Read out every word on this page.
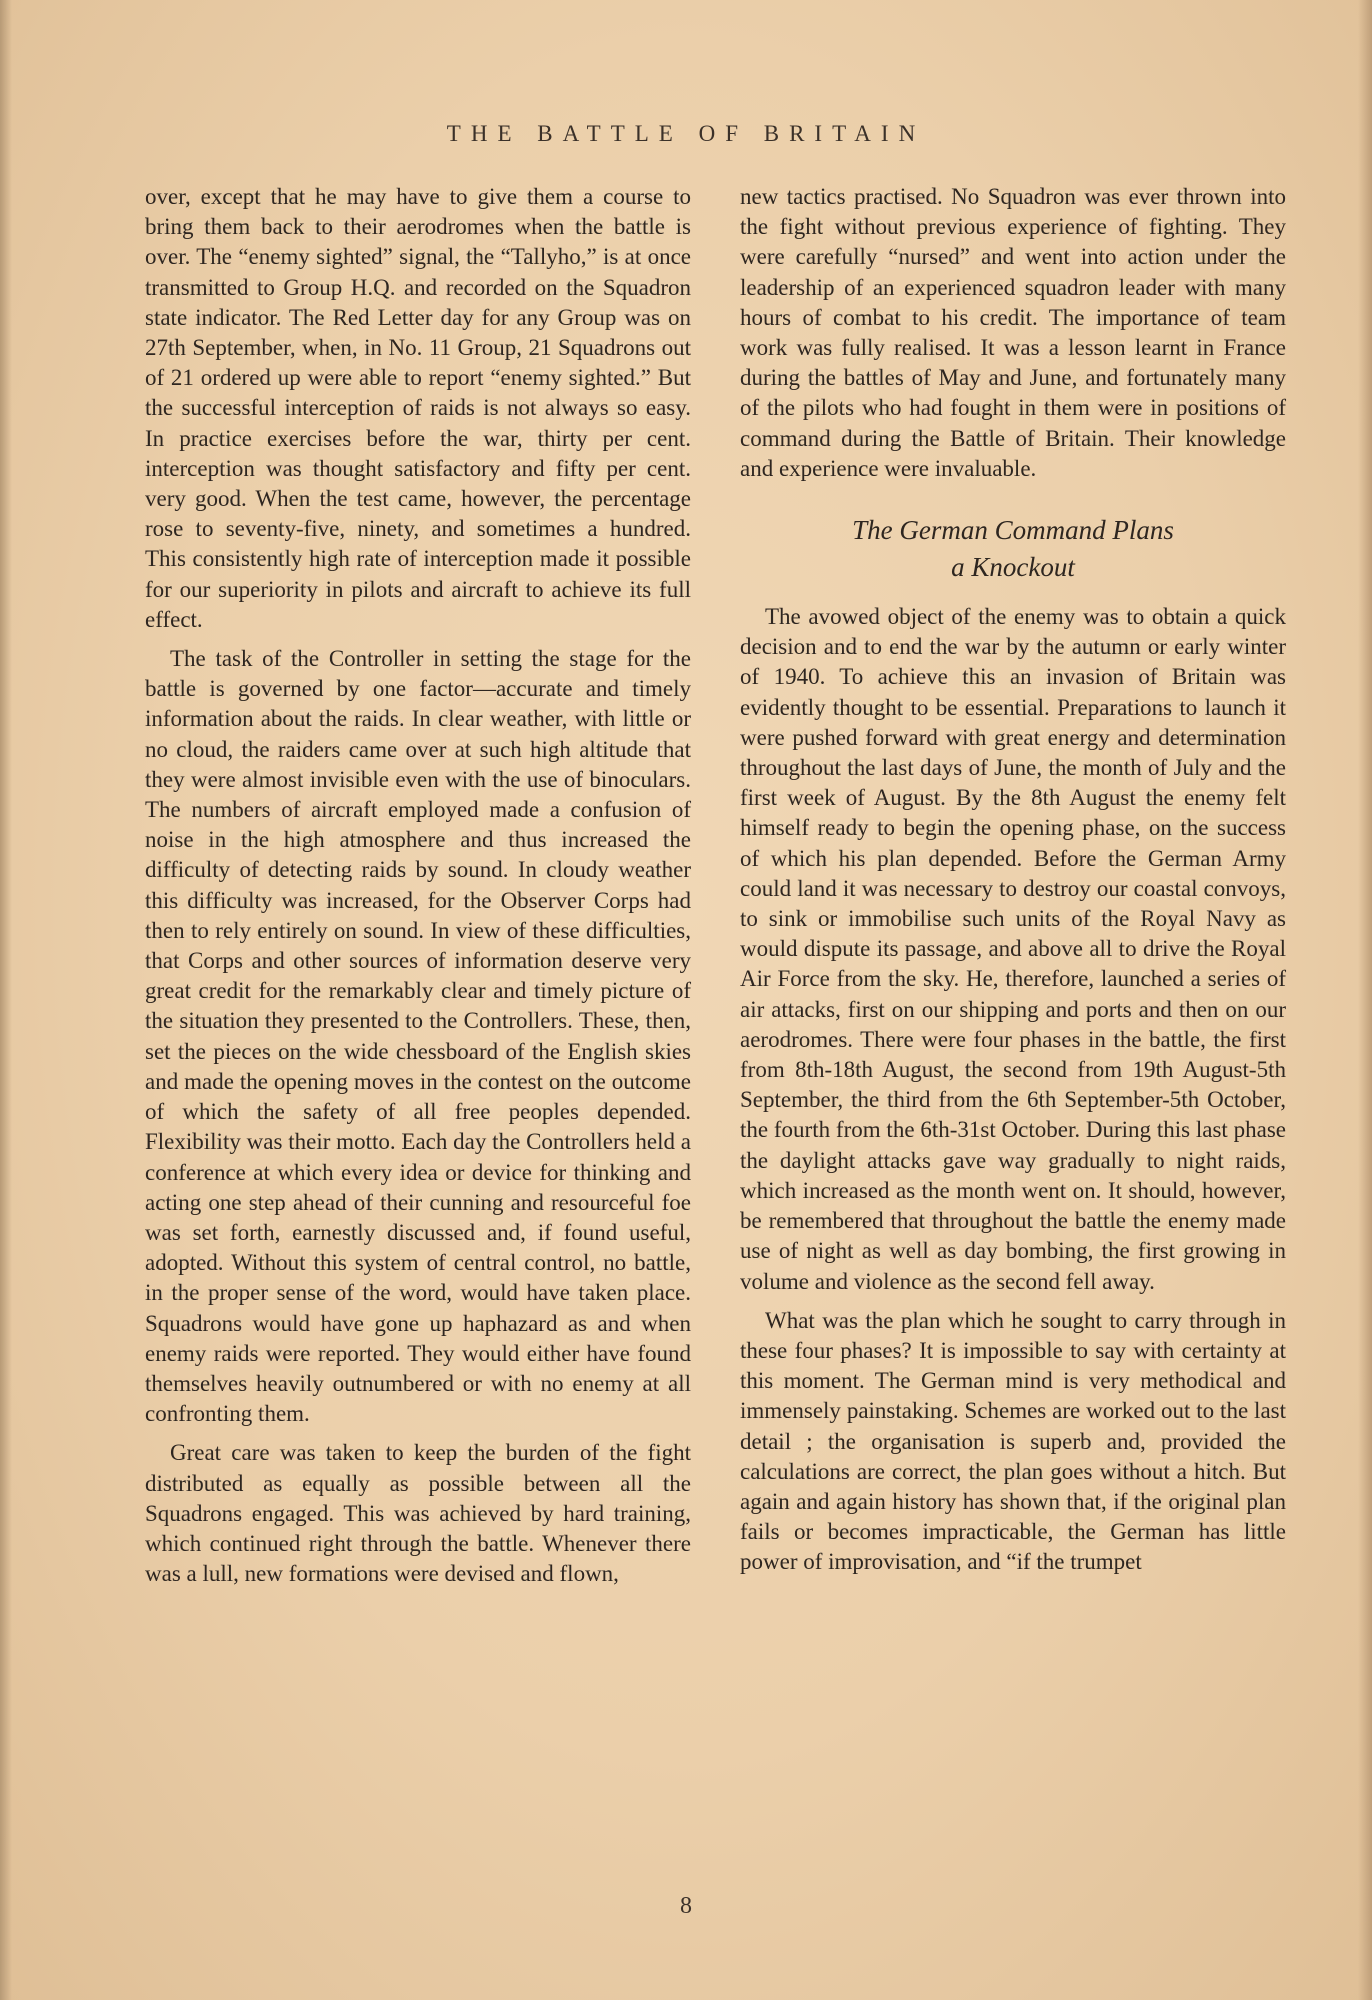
THE BATTLE OF BRITAIN

over, except that he may have to give them a course to bring them back to their aerodromes when the battle is over. The “enemy sighted” signal, the “Tallyho,” is at once transmitted to Group H.Q. and recorded on the Squadron state indicator. The Red Letter day for any Group was on 27th September, when, in No. 11 Group, 21 Squadrons out of 21 ordered up were able to report “enemy sighted.” But the successful interception of raids is not always so easy. In practice exercises before the war, thirty per cent. interception was thought satisfactory and fifty per cent. very good. When the test came, however, the percentage rose to seventy-five, ninety, and sometimes a hundred. This consistently high rate of interception made it possible for our superiority in pilots and aircraft to achieve its full effect.

The task of the Controller in setting the stage for the battle is governed by one factor—accurate and timely information about the raids. In clear weather, with little or no cloud, the raiders came over at such high altitude that they were almost invisible even with the use of binoculars. The numbers of aircraft employed made a confusion of noise in the high atmosphere and thus increased the difficulty of detecting raids by sound. In cloudy weather this difficulty was increased, for the Observer Corps had then to rely entirely on sound. In view of these difficulties, that Corps and other sources of information deserve very great credit for the remarkably clear and timely picture of the situation they presented to the Controllers. These, then, set the pieces on the wide chessboard of the English skies and made the opening moves in the contest on the outcome of which the safety of all free peoples depended. Flexibility was their motto. Each day the Controllers held a conference at which every idea or device for thinking and acting one step ahead of their cunning and resourceful foe was set forth, earnestly discussed and, if found useful, adopted. Without this system of central control, no battle, in the proper sense of the word, would have taken place. Squadrons would have gone up haphazard as and when enemy raids were reported. They would either have found themselves heavily outnumbered or with no enemy at all confronting them.

Great care was taken to keep the burden of the fight distributed as equally as possible between all the Squadrons engaged. This was achieved by hard training, which continued right through the battle. Whenever there was a lull, new formations were devised and flown,

new tactics practised. No Squadron was ever thrown into the fight without previous experience of fighting. They were carefully “nursed” and went into action under the leadership of an experienced squadron leader with many hours of combat to his credit. The importance of team work was fully realised. It was a lesson learnt in France during the battles of May and June, and fortunately many of the pilots who had fought in them were in positions of command during the Battle of Britain. Their knowledge and experience were invaluable.

The German Command Plans
a Knockout

The avowed object of the enemy was to obtain a quick decision and to end the war by the autumn or early winter of 1940. To achieve this an invasion of Britain was evidently thought to be essential. Preparations to launch it were pushed forward with great energy and determination throughout the last days of June, the month of July and the first week of August. By the 8th August the enemy felt himself ready to begin the opening phase, on the success of which his plan depended. Before the German Army could land it was necessary to destroy our coastal convoys, to sink or immobilise such units of the Royal Navy as would dispute its passage, and above all to drive the Royal Air Force from the sky. He, therefore, launched a series of air attacks, first on our shipping and ports and then on our aerodromes. There were four phases in the battle, the first from 8th-18th August, the second from 19th August-5th September, the third from the 6th September-5th October, the fourth from the 6th-31st October. During this last phase the daylight attacks gave way gradually to night raids, which increased as the month went on. It should, however, be remembered that throughout the battle the enemy made use of night as well as day bombing, the first growing in volume and violence as the second fell away.

What was the plan which he sought to carry through in these four phases? It is impossible to say with certainty at this moment. The German mind is very methodical and immensely painstaking. Schemes are worked out to the last detail ; the organisation is superb and, provided the calculations are correct, the plan goes without a hitch. But again and again history has shown that, if the original plan fails or becomes impracticable, the German has little power of improvisation, and “if the trumpet

8
